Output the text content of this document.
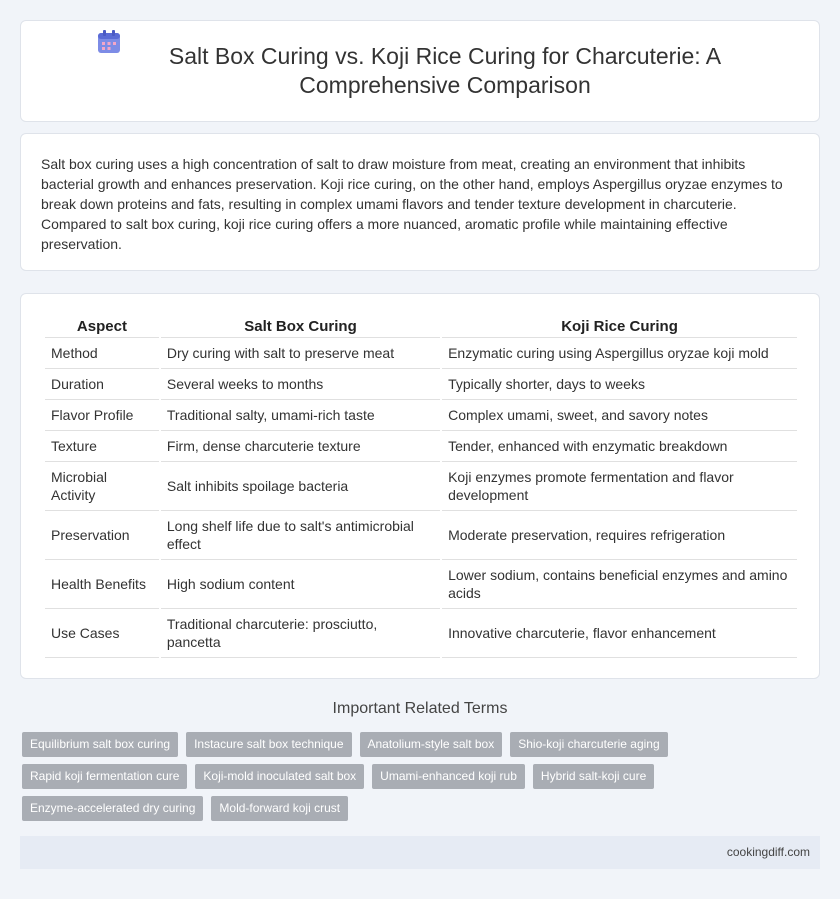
Salt Box Curing vs. Koji Rice Curing for Charcuterie: A Comprehensive Comparison

Salt box curing uses a high concentration of salt to draw moisture from meat, creating an environment that inhibits bacterial growth and enhances preservation. Koji rice curing, on the other hand, employs Aspergillus oryzae enzymes to break down proteins and fats, resulting in complex umami flavors and tender texture development in charcuterie. Compared to salt box curing, koji rice curing offers a more nuanced, aromatic profile while maintaining effective preservation.

Aspect	Salt Box Curing	Koji Rice Curing
Method	Dry curing with salt to preserve meat	Enzymatic curing using Aspergillus oryzae koji mold
Duration	Several weeks to months	Typically shorter, days to weeks
Flavor Profile	Traditional salty, umami-rich taste	Complex umami, sweet, and savory notes
Texture	Firm, dense charcuterie texture	Tender, enhanced with enzymatic breakdown
Microbial Activity	Salt inhibits spoilage bacteria	Koji enzymes promote fermentation and flavor development
Preservation	Long shelf life due to salt's antimicrobial effect	Moderate preservation, requires refrigeration
Health Benefits	High sodium content	Lower sodium, contains beneficial enzymes and amino acids
Use Cases	Traditional charcuterie: prosciutto, pancetta	Innovative charcuterie, flavor enhancement
Important Related Terms
Equilibrium salt box curing	Instacure salt box technique	Anatolium-style salt box	Shio-koji charcuterie aging
Rapid koji fermentation cure	Koji-mold inoculated salt box	Umami-enhanced koji rub	Hybrid salt-koji cure
Enzyme-accelerated dry curing	Mold-forward koji crust
cookingdiff.com
